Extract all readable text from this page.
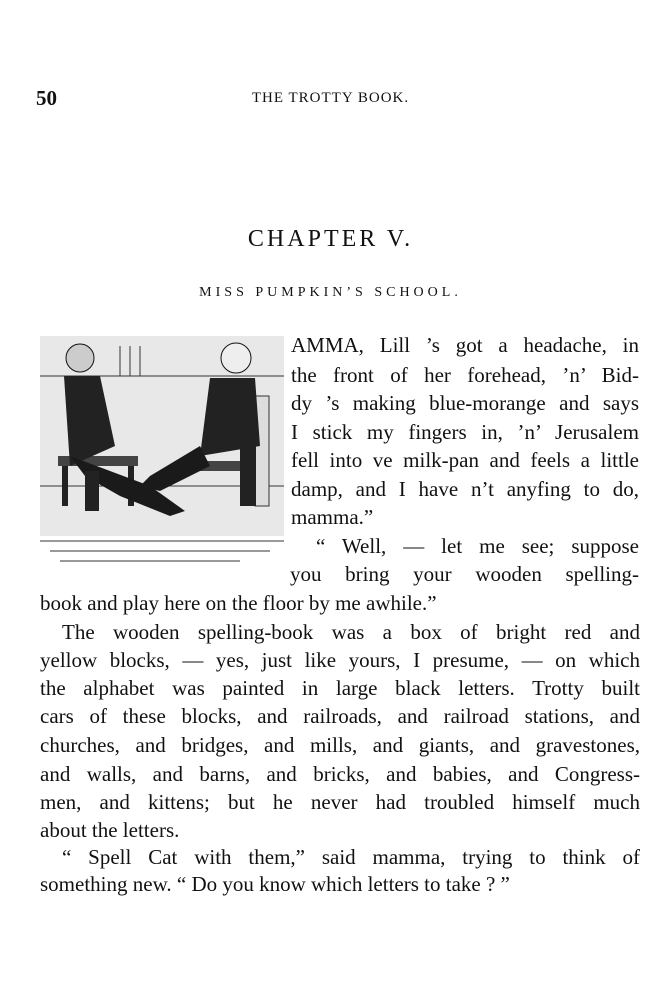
50	THE TROTTY BOOK.
CHAPTER V.
MISS PUMPKIN’S SCHOOL.
AMMA, Lill ’s got a headache, in
the front of her forehead, ’n’ Bid-
dy ’s making blue-morange and says
I stick my fingers in, ’n’ Jerusalem
fell into ve milk-pan and feels a little
damp, and I have n’t anyfing to do,
mamma.”
“ Well, — let me see; suppose
you bring your wooden spelling-
book and play here on the floor by me awhile.”
The wooden spelling-book was a box of bright red and
yellow blocks, — yes, just like yours, I presume, — on which
the alphabet was painted in large black letters. Trotty built
cars of these blocks, and railroads, and railroad stations, and
churches, and bridges, and mills, and giants, and gravestones,
and walls, and barns, and bricks, and babies, and Congress-
men, and kittens; but he never had troubled himself much
about the letters.
“ Spell Cat with them,” said mamma, trying to think of
something new. “ Do you know which letters to take ? ”
